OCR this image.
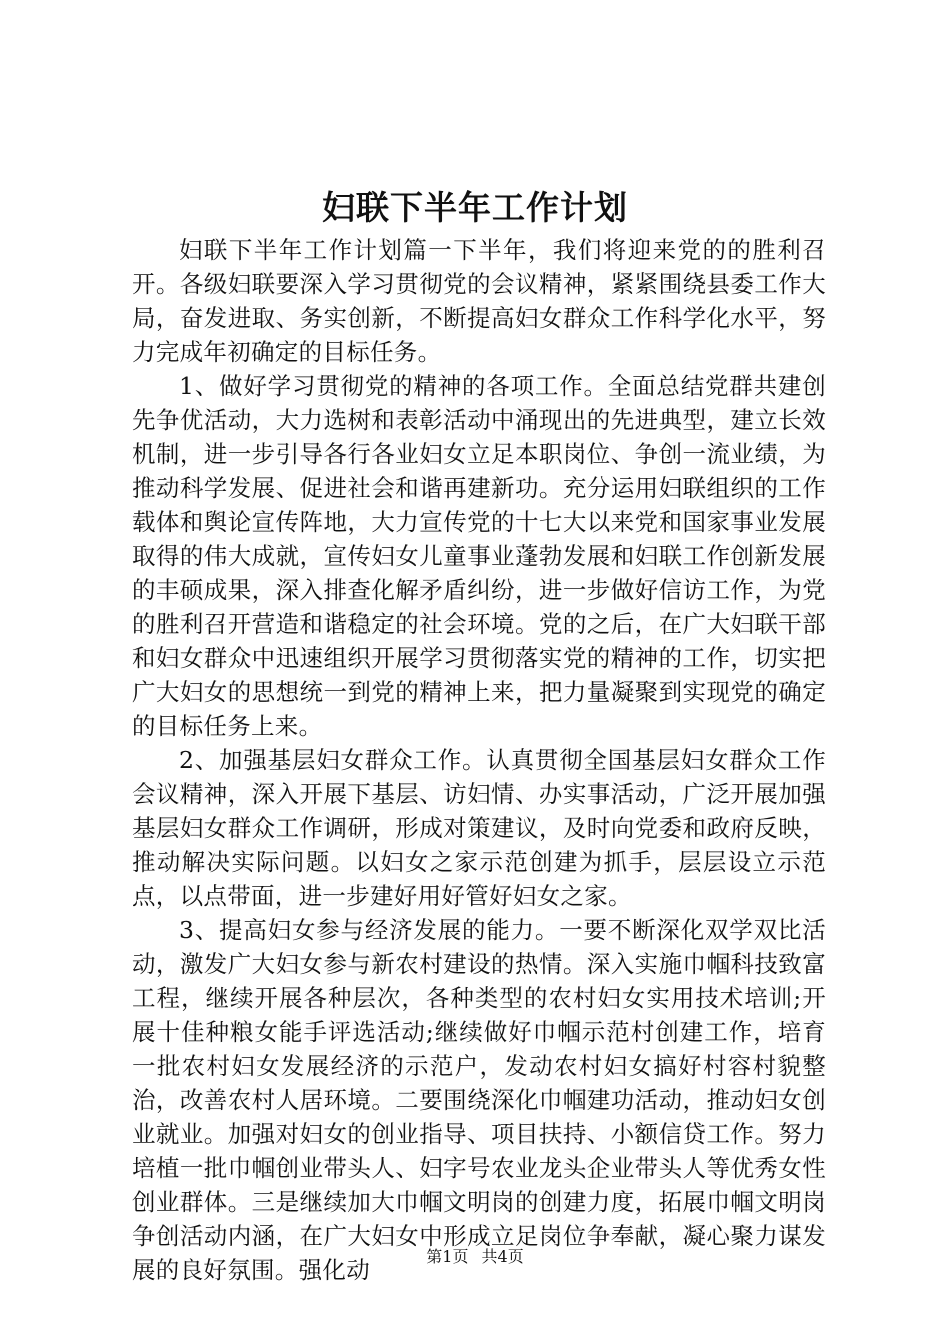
妇联下半年工作计划

妇联下半年工作计划篇一下半年，我们将迎来党的的胜利召开。各级妇联要深入学习贯彻党的会议精神，紧紧围绕县委工作大局，奋发进取、务实创新，不断提高妇女群众工作科学化水平，努力完成年初确定的目标任务。

1、做好学习贯彻党的精神的各项工作。全面总结党群共建创先争优活动，大力选树和表彰活动中涌现出的先进典型，建立长效机制，进一步引导各行各业妇女立足本职岗位、争创一流业绩，为推动科学发展、促进社会和谐再建新功。充分运用妇联组织的工作载体和舆论宣传阵地，大力宣传党的十七大以来党和国家事业发展取得的伟大成就，宣传妇女儿童事业蓬勃发展和妇联工作创新发展的丰硕成果，深入排查化解矛盾纠纷，进一步做好信访工作，为党的胜利召开营造和谐稳定的社会环境。党的之后，在广大妇联干部和妇女群众中迅速组织开展学习贯彻落实党的精神的工作，切实把广大妇女的思想统一到党的精神上来，把力量凝聚到实现党的确定的目标任务上来。

2、加强基层妇女群众工作。认真贯彻全国基层妇女群众工作会议精神，深入开展下基层、访妇情、办实事活动，广泛开展加强基层妇女群众工作调研，形成对策建议，及时向党委和政府反映，推动解决实际问题。以妇女之家示范创建为抓手，层层设立示范点，以点带面，进一步建好用好管好妇女之家。

3、提高妇女参与经济发展的能力。一要不断深化双学双比活动，激发广大妇女参与新农村建设的热情。深入实施巾帼科技致富工程，继续开展各种层次，各种类型的农村妇女实用技术培训;开展十佳种粮女能手评选活动;继续做好巾帼示范村创建工作，培育一批农村妇女发展经济的示范户，发动农村妇女搞好村容村貌整治，改善农村人居环境。二要围绕深化巾帼建功活动，推动妇女创业就业。加强对妇女的创业指导、项目扶持、小额信贷工作。努力培植一批巾帼创业带头人、妇字号农业龙头企业带头人等优秀女性创业群体。三是继续加大巾帼文明岗的创建力度，拓展巾帼文明岗争创活动内涵，在广大妇女中形成立足岗位争奉献，凝心聚力谋发展的良好氛围。强化动	第1页 共4页
